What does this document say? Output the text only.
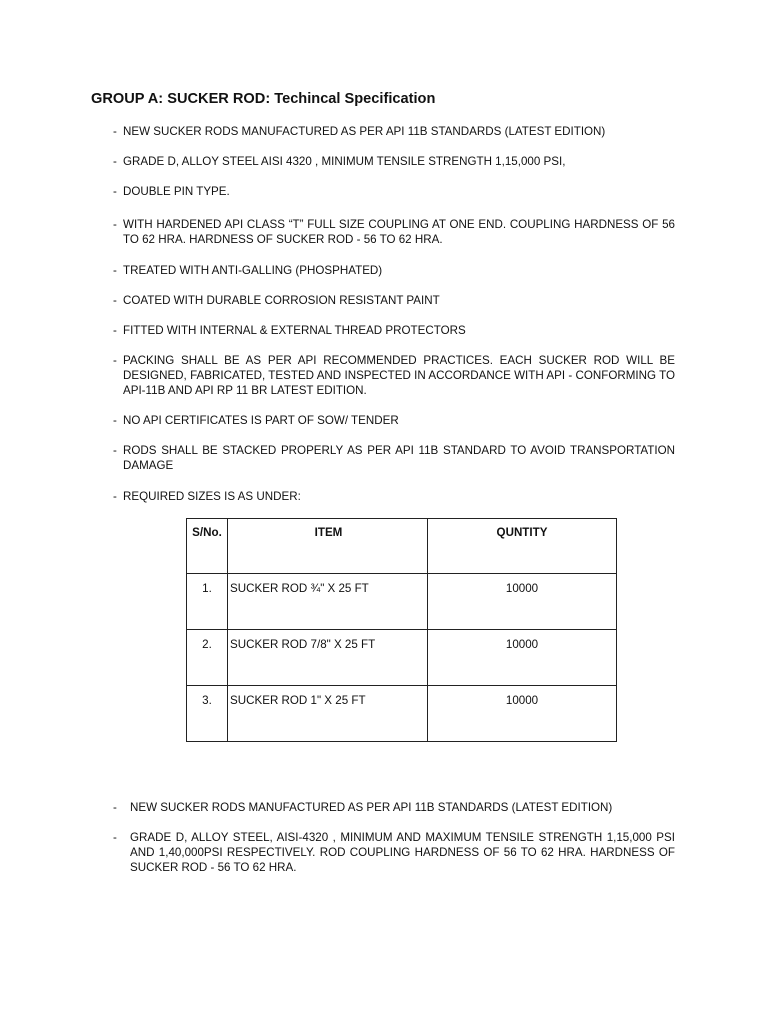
GROUP A: SUCKER ROD: Techincal Specification
- NEW SUCKER RODS MANUFACTURED AS PER API 11B STANDARDS (LATEST EDITION)
- GRADE D, ALLOY STEEL AISI 4320 , MINIMUM TENSILE STRENGTH 1,15,000 PSI,
- DOUBLE PIN TYPE.
- WITH HARDENED API CLASS “T” FULL SIZE COUPLING AT ONE END. COUPLING HARDNESS OF 56 TO 62 HRA. HARDNESS OF SUCKER ROD - 56 TO 62 HRA.
- TREATED WITH ANTI-GALLING (PHOSPHATED)
- COATED WITH DURABLE CORROSION RESISTANT PAINT
- FITTED WITH INTERNAL & EXTERNAL THREAD PROTECTORS
- PACKING SHALL BE AS PER API RECOMMENDED PRACTICES. EACH SUCKER ROD WILL BE DESIGNED, FABRICATED, TESTED AND INSPECTED IN ACCORDANCE WITH API - CONFORMING TO API-11B AND API RP 11 BR LATEST EDITION.
- NO API CERTIFICATES IS PART OF SOW/ TENDER
- RODS SHALL BE STACKED PROPERLY AS PER API 11B STANDARD TO AVOID TRANSPORTATION DAMAGE
- REQUIRED SIZES IS AS UNDER:
S/No.	ITEM	QUNTITY
1.	SUCKER ROD ¾" X 25 FT	10000
2.	SUCKER ROD 7/8" X 25 FT	10000
3.	SUCKER ROD 1" X 25 FT	10000
- NEW SUCKER RODS MANUFACTURED AS PER API 11B STANDARDS (LATEST EDITION)
- GRADE D, ALLOY STEEL, AISI-4320 , MINIMUM AND MAXIMUM TENSILE STRENGTH 1,15,000 PSI AND 1,40,000PSI RESPECTIVELY. ROD COUPLING HARDNESS OF 56 TO 62 HRA. HARDNESS OF SUCKER ROD - 56 TO 62 HRA.
